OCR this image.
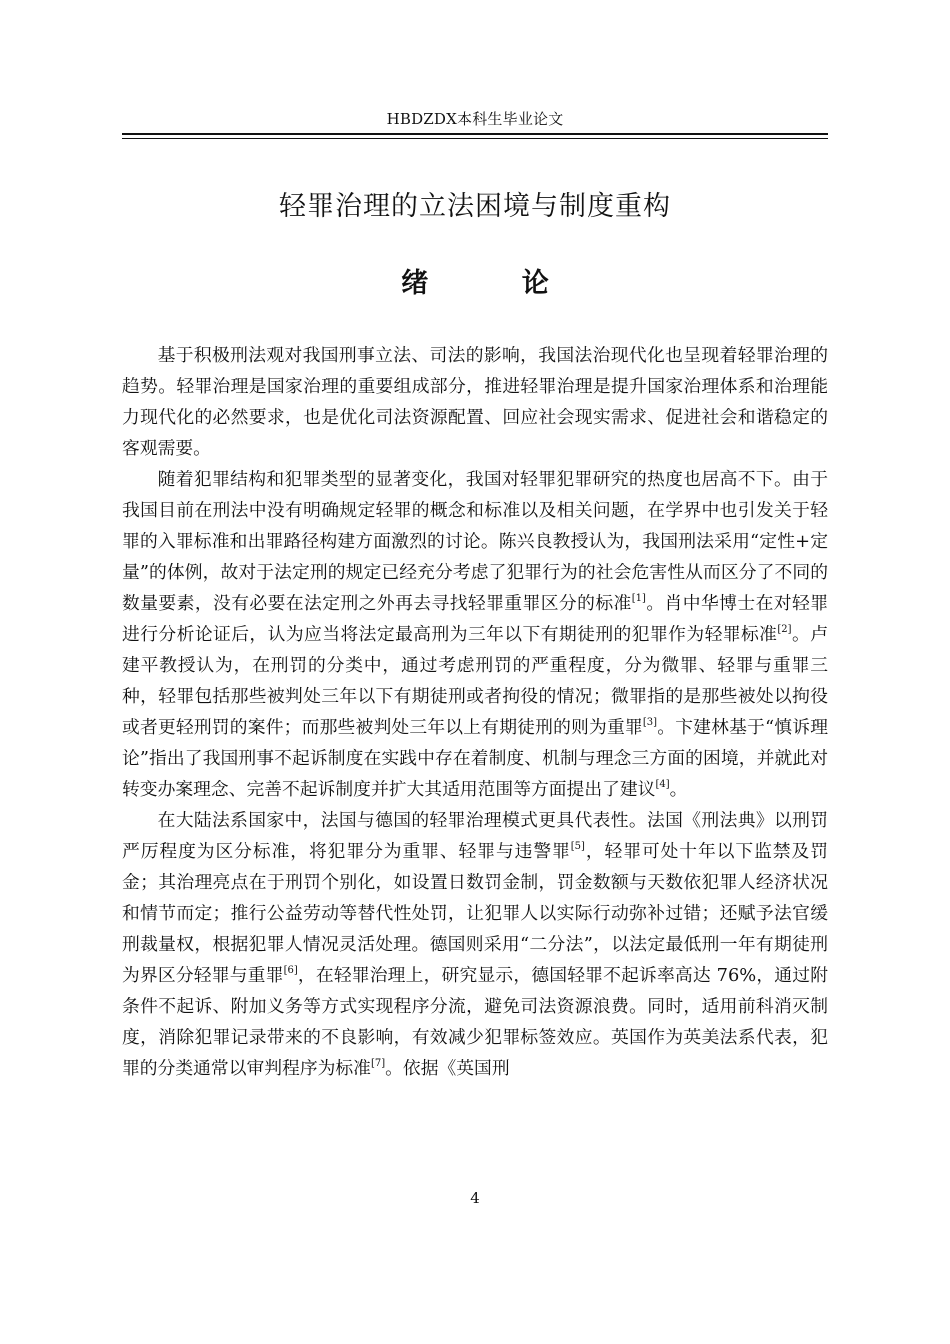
HBDZDX本科生毕业论文
轻罪治理的立法困境与制度重构
绪 论

基于积极刑法观对我国刑事立法、司法的影响，我国法治现代化也呈现着轻罪治理的趋势。轻罪治理是国家治理的重要组成部分，推进轻罪治理是提升国家治理体系和治理能力现代化的必然要求，也是优化司法资源配置、回应社会现实需求、促进社会和谐稳定的客观需要。

随着犯罪结构和犯罪类型的显著变化，我国对轻罪犯罪研究的热度也居高不下。由于我国目前在刑法中没有明确规定轻罪的概念和标准以及相关问题，在学界中也引发关于轻罪的入罪标准和出罪路径构建方面激烈的讨论。陈兴良教授认为，我国刑法采用“定性+定量”的体例，故对于法定刑的规定已经充分考虑了犯罪行为的社会危害性从而区分了不同的数量要素，没有必要在法定刑之外再去寻找轻罪重罪区分的标准[1]。肖中华博士在对轻罪进行分析论证后，认为应当将法定最高刑为三年以下有期徒刑的犯罪作为轻罪标准[2]。卢建平教授认为，在刑罚的分类中，通过考虑刑罚的严重程度，分为微罪、轻罪与重罪三种，轻罪包括那些被判处三年以下有期徒刑或者拘役的情况；微罪指的是那些被处以拘役或者更轻刑罚的案件；而那些被判处三年以上有期徒刑的则为重罪[3]。卞建林基于“慎诉理论”指出了我国刑事不起诉制度在实践中存在着制度、机制与理念三方面的困境，并就此对转变办案理念、完善不起诉制度并扩大其适用范围等方面提出了建议[4]。

在大陆法系国家中，法国与德国的轻罪治理模式更具代表性。法国《刑法典》以刑罚严厉程度为区分标准，将犯罪分为重罪、轻罪与违警罪[5]，轻罪可处十年以下监禁及罚金；其治理亮点在于刑罚个别化，如设置日数罚金制，罚金数额与天数依犯罪人经济状况和情节而定；推行公益劳动等替代性处罚，让犯罪人以实际行动弥补过错；还赋予法官缓刑裁量权，根据犯罪人情况灵活处理。德国则采用“二分法”，以法定最低刑一年有期徒刑为界区分轻罪与重罪[6]，在轻罪治理上，研究显示，德国轻罪不起诉率高达 76%，通过附条件不起诉、附加义务等方式实现程序分流，避免司法资源浪费。同时，适用前科消灭制度，消除犯罪记录带来的不良影响，有效减少犯罪标签效应。英国作为英美法系代表，犯罪的分类通常以审判程序为标准[7]。依据《英国刑

4
